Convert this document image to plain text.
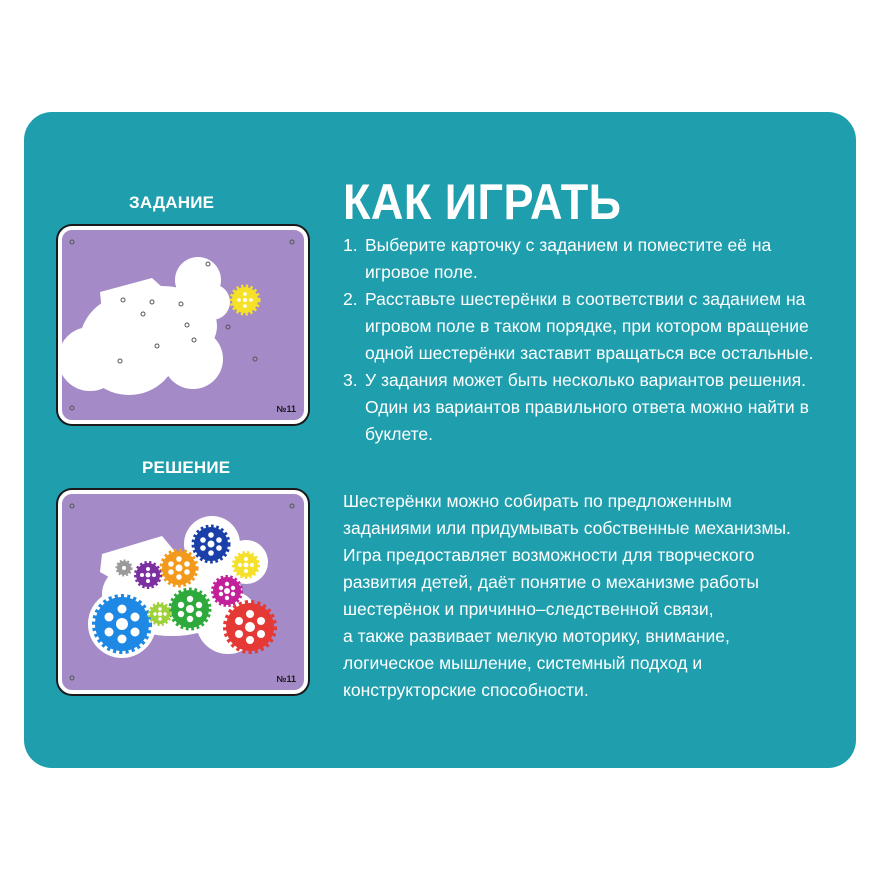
ЗАДАНИЕ
№11
РЕШЕНИЕ
№11
КАК ИГРАТЬ
1. Выберите карточку с заданием и поместите её на игровое поле.
2. Расставьте шестерёнки в соответствии с заданием на игровом поле в таком порядке, при котором вращение одной шестерёнки заставит вращаться все остальные.
3. У задания может быть несколько вариантов решения. Один из вариантов правильного ответа можно найти в буклете.

Шестерёнки можно собирать по предложенным
заданиями или придумывать собственные механизмы.
Игра предоставляет возможности для творческого
развития детей, даёт понятие о механизме работы
шестерёнок и причинно–следственной связи,
а также развивает мелкую моторику, внимание,
логическое мышление, системный подход и
конструкторские способности.
